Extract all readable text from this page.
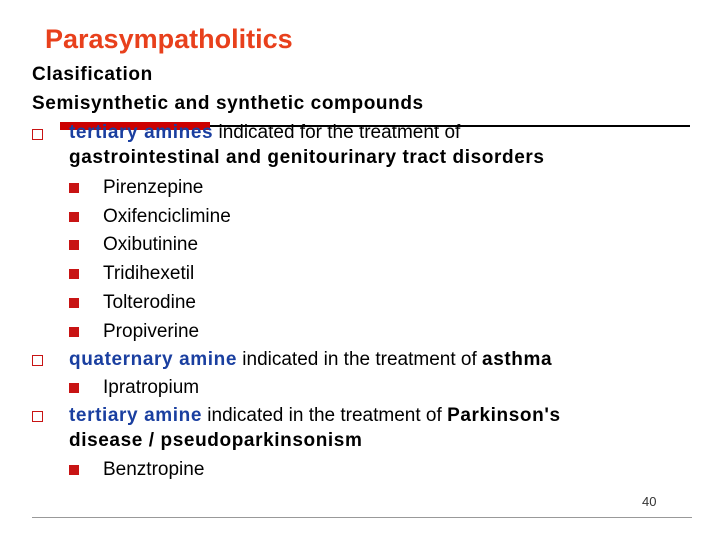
Parasympatholitics
Clasification
Semisynthetic and synthetic compounds
tertiary amines indicated for the treatment of
gastrointestinal and genitourinary tract disorders
Pirenzepine
Oxifenciclimine
Oxibutinine
Tridihexetil
Tolterodine
Propiverine
quaternary amine indicated in the treatment of asthma
Ipratropium
tertiary amine indicated in the treatment of Parkinson's
disease / pseudoparkinsonism
Benztropine
40
